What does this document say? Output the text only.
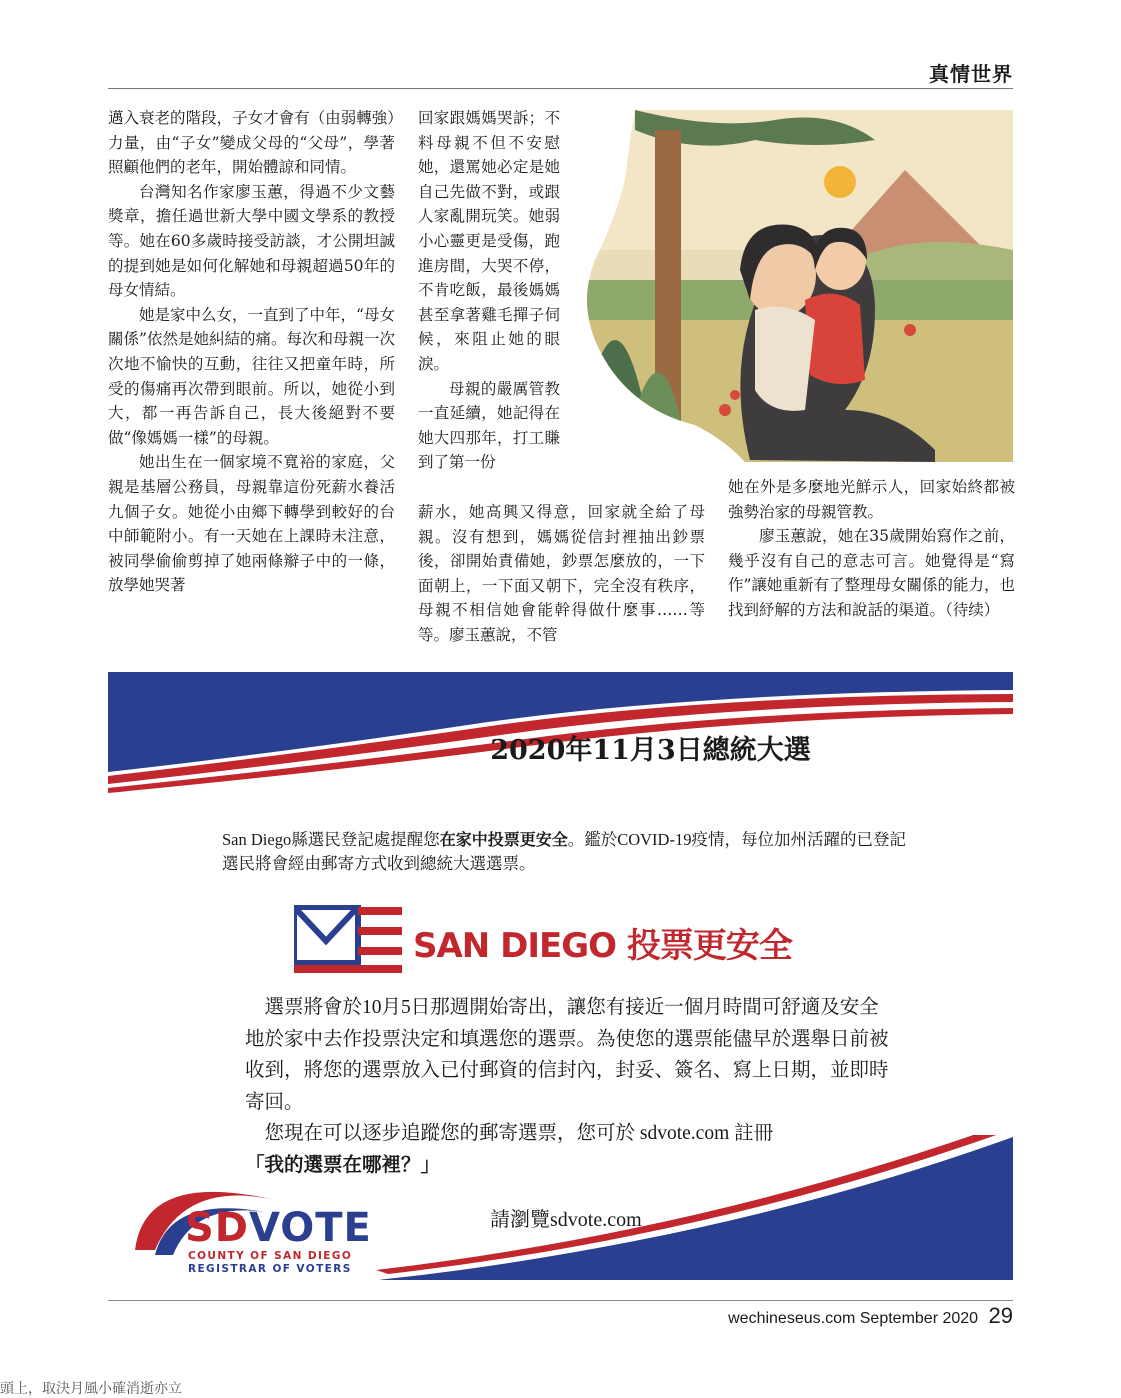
真情世界

邁入衰老的階段，子女才會有（由弱轉強）力量，由“子女”變成父母的“父母”，學著照顧他們的老年，開始體諒和同情。

台灣知名作家廖玉蕙，得過不少文藝獎章，擔任過世新大學中國文學系的教授等。她在60多歲時接受訪談，才公開坦誠的提到她是如何化解她和母親超過50年的母女情結。

她是家中么女，一直到了中年，“母女關係”依然是她糾結的痛。每次和母親一次次地不愉快的互動，往往又把童年時，所受的傷痛再次帶到眼前。所以，她從小到大，都一再告訴自己，長大後絕對不要做“像媽媽一樣”的母親。

她出生在一個家境不寬裕的家庭，父親是基層公務員，母親靠這份死薪水養活九個子女。她從小由鄉下轉學到較好的台中師範附小。有一天她在上課時未注意，被同學偷偷剪掉了她兩條辮子中的一條，放學她哭著

回家跟媽媽哭訴；不料母親不但不安慰她，還罵她必定是她自己先做不對，或跟人家亂開玩笑。她弱小心靈更是受傷，跑進房間，大哭不停，不肯吃飯，最後媽媽甚至拿著雞毛撣子伺候，來阻止她的眼淚。

母親的嚴厲管教一直延續，她記得在她大四那年，打工賺到了第一份

薪水，她高興又得意，回家就全給了母親。沒有想到，媽媽從信封裡抽出鈔票後，卻開始責備她，鈔票怎麼放的，一下面朝上，一下面又朝下，完全沒有秩序，母親不相信她會能幹得做什麼事……等等。廖玉蕙說，不管

她在外是多麼地光鮮示人，回家始終都被強勢治家的母親管教。

廖玉蕙說，她在35歲開始寫作之前，幾乎沒有自己的意志可言。她覺得是“寫作”讓她重新有了整理母女關係的能力，也找到紓解的方法和說話的渠道。（待续）

2020年11月3日總統大選
San Diego縣選民登記處提醒您在家中投票更安全。鑑於COVID-19疫情，每位加州活躍的已登記選民將會經由郵寄方式收到總統大選選票。
SAN DIEGO 投票更安全

選票將會於10月5日那週開始寄出，讓您有接近一個月時間可舒適及安全地於家中去作投票決定和填選您的選票。為使您的選票能儘早於選舉日前被收到，將您的選票放入已付郵資的信封內，封妥、簽名、寫上日期，並即時寄回。

您現在可以逐步追蹤您的郵寄選票，您可於 sdvote.com 註冊

「我的選票在哪裡？」

請瀏覽sdvote.com
SDVOTE
COUNTY OF SAN DIEGO
REGISTRAR OF VOTERS
wechineseus.com September 2020 29
頭上，取決月風小確消逝亦立
